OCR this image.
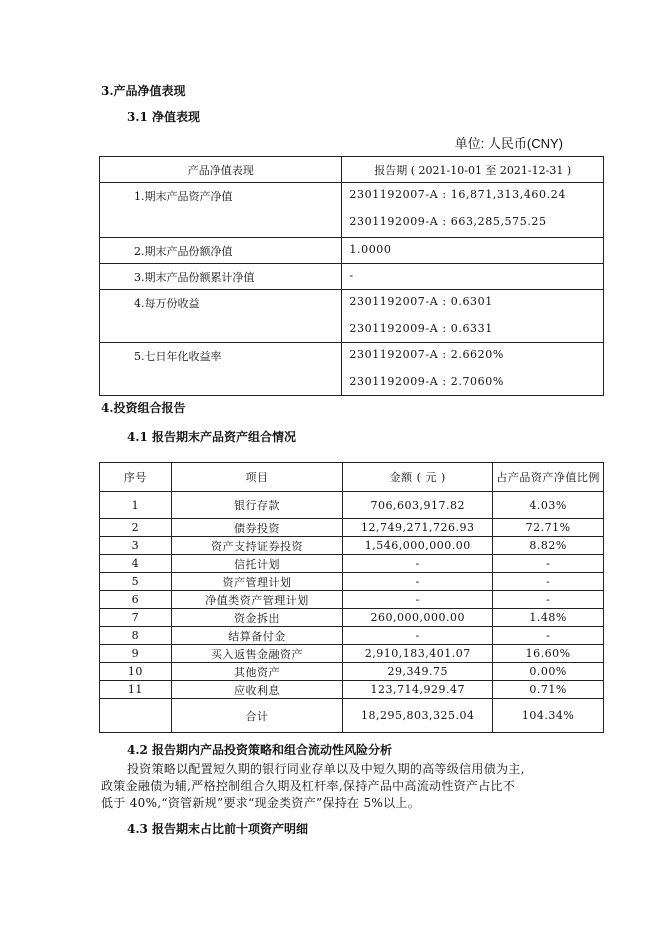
3.产品净值表现
3.1 净值表现
单位: 人民币(CNY)
产品净值表现	报告期 ( 2021-10-01 至 2021-12-31 )
1.期末产品资产净值	2301192007-A : 16,871,313,460.24
2301192009-A : 663,285,575.25

2.期末产品份额净值	1.0000

3.期末产品份额累计净值	-

4.每万份收益	2301192007-A : 0.6301
2301192009-A : 0.6331

5.七日年化收益率	2301192007-A : 2.6620%
2301192009-A : 2.7060%
4.投资组合报告
4.1 报告期末产品资产组合情况
序号	项目	金额 ( 元 )	占产品资产净值比例
1	银行存款	706,603,917.82	4.03%
2	债券投资	12,749,271,726.93	72.71%
3	资产支持证券投资	1,546,000,000.00	8.82%
4	信托计划	-	-
5	资产管理计划	-	-
6	净值类资产管理计划	-	-
7	资金拆出	260,000,000.00	1.48%
8	结算备付金	-	-
9	买入返售金融资产	2,910,183,401.07	16.60%
10	其他资产	29,349.75	0.00%
11	应收利息	123,714,929.47	0.71%
	合计	18,295,803,325.04	104.34%
4.2 报告期内产品投资策略和组合流动性风险分析
投资策略以配置短久期的银行同业存单以及中短久期的高等级信用债为主,
政策金融债为辅,严格控制组合久期及杠杆率,保持产品中高流动性资产占比不
低于 40%,“资管新规”要求“现金类资产”保持在 5%以上。
4.3 报告期末占比前十项资产明细
